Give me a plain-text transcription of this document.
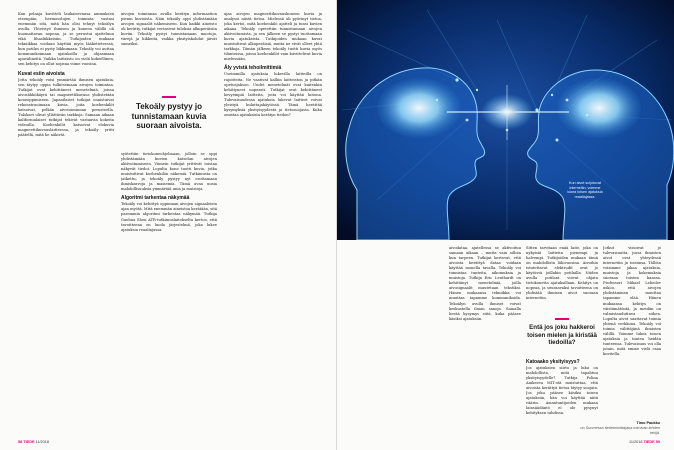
Kun pelaaja kuvitteli laukaisevansa ammuksen eteenpäin, hermosolujen toiminta vastasi enemmän sitä, mitä hän olisi tehnyt tekoälyn avulla. Yhteistyö ihmisen ja koneen välillä oli huomattavan nopeaa, ja se perustui ajatteluun eikä lihasliikkeisiin. Tutkijoiden mukaan tekniikkaa voidaan käyttää myös lääketieteessä, kun potilas ei pysty liikkumaan. Tekoäly voi auttaa kommunikoimaan ajatuksilla ja ohjaamaan apuvälineitä. Vaikka laitteisto on vielä kokeellinen, sen kehitys on ollut nopeaa viime vuosina.

Kuvat esiin aivoista

Jotta tekoäly voisi ymmärtää ihmisen ajatuksia, sen täytyy oppia tulkitsemaan aivojen toimintaa. Tutkijat ovat kehittäneet menetelmiä, joissa aivosähkökäyrä tai magneettikuvaus yhdistetään koneoppimiseen. Japanilaiset tutkijat onnistuivat rekonstruoimaan kuvia, joita koehenkilöt katsoivat, pelkän aivotoiminnan perusteella. Tulokset olivat yllättävän tarkkoja. Samaan aikaan kalifornialaiset tutkijat tekivät vastaavia kokeita videoilla. Koehenkilöt katsoivat elokuvia magneettikuvauslaitteessa, ja tekoäly yritti päätellä, mitä he näkivät.

aivojen toiminnan avulla kerätyn informaation pienin kuvioista. Näin tekoäly oppi yhdistämään aivojen signaalit näkemiseen. Kun kaikki aineisto oli kerätty, tutkijat vertasivat tuloksia alkuperäisiin kuviin. Tekoäly pystyi tunnistamaan muotoja, värejä ja liikkeitä, vaikka yksityiskohdat jäivät sumeiksi.

Tekoäly pystyy jo tunnistamaan kuvia suoraan aivoista.

syötettiin tietokoneohjelmaan, jolloin se oppi yhdistämään kuvien katselun aivojen aktivoitumiseen. Viimein tutkijat yrittivät toistaa näkyvät tiedot. Lopulta kone tuotti kuvia, jotka muistuttivat koehenkilön näkemiä. Tutkimusta on jatkettu, ja tekoäly pystyy nyt erottamaan ihmiskasvoja ja maisemia. Tämä avaa uusia mahdollisuuksia ymmärtää unia ja muistoja.

Algoritmi tarkentaa näkymää

Tekoäly voi kehittyä oppimaan aivojen signaaleista ajan myötä. Mitä enemmän aineistoa kerätään, sitä paremmin algoritmi tarkentaa näkymää. Tutkija Gaohua Shen ATR-tutkimuslaitokselta kertoo, että tavoitteena on luoda järjestelmä, joka lukee ajatuksia reaaliajassa.

ajaa aivojen magneettikuvauskoneen kuvia ja analysoi niistä tietoa. Mielessä oli pyörinyt tietoa, joka kertoi, mitä koehenkilö ajatteli ja tunsi kuvien aikana. Tekoäly opetettiin tunnistamaan aivojen aktivoitumista, ja sen jälkeen se pystyi tuottamaan kuvia ajatuksista. Tutkijoiden mukaan kuvat muistuttivat alkuperäisiä, mutta ne eivät olleet yhtä tarkkoja. Tämän jälkeen tekoäly tuotti kuvia myös tilanteissa, joissa koehenkilöt vain kuvittelivat kuvia mielessään.

Äly yvistä tehoilmittimiä

Useimmilla ajatuksia lukevilla laitteilla on rajoitteita. Ne vaativat kalliin laitteiston ja pitkän opetusjakson. Uudet menetelmät ovat kuitenkin kehittyneet nopeasti. Tutkijat ovat kehittäneet kevyempiä laitteita, joita voi käyttää kotona. Tulevaisuudessa ajatuksia lukevat laitteet voivat yleistyä kuluttajakäytössä. Tämä herättää kysymyksiä yksityisyydestä ja tietosuojasta. Kuka omistaa ajatuksista kerätyn tiedon?

58 TIEDE 11/2018
Kun aivot suljutuvat internetiin, voimme lukea toisen ajatuksia reaaliajassa.

aivodataa, ajatellessa se aktivoituu samaan aikaan – mutta vain silloin kun tarpeen. Tutkijat kertovat, että aivoista kerättyä dataa voidaan käyttää monella tavalla. Tekoäly voi tunnistaa tunteita, aikomuksia ja muistoja. Tutkija Eric Leuthardt on kehittänyt menetelmiä, joilla aivosignaalit muutetaan tekstiksi. Hänen mukaansa tekniikka voi muuttaa tapamme kommunikoida. Tekoälyn avulla ihmiset voivat keskustella ilman sanoja. Samalla herää kysymys siitä, kuka pääsee käsiksi ajatuksiin.

Sitten tarvitaan enää laite, joka on nykyisiä laitteita pienempi ja halvempi. Tutkijoiden mukaan tämä on mahdollista lähivuosina. Aivoihin istutettavat elektrodit ovat jo käytössä joillakin potilailla. Niiden avulla potilaat voivat ohjata tietokonetta ajatuksillaan. Kehitys on nopeaa, ja seuraavaksi tavoitteena on yhdistää ihmisen aivot suoraan internetiin.

Entä jos joku hakkeroi toisen mielen ja kiristää tiedoilla?
Katoaako yksityisyys?

Jos ajatuksien siirto ja luku on mahdollista, mitä tapahtuu yksityisyydelle? Tutkija Polina Anikeeva MIT:stä muistuttaa, että aivoista kerättyä tietoa täytyy suojata. Jos joku pääsee käsiksi toisen ajatuksiin, hän voi käyttää niitä väärin. Asiantuntijoiden mukaan lainsäädäntö ei ole pysynyt kehityksen tahdissa.

Jotkut visioivat jo tulevaisuutta, jossa ihmisten aivot ovat yhteydessä internetiin ja toisiinsa. Tällöin voisimme jakaa ajatuksia, muistoja ja kokemuksia suoraan toisten kanssa. Professori Mikael Lebedev uskoo, että aivojen yhdistäminen muuttaa tapamme elää. Hänen mukaansa kehitys on väistämätöntä, ja meidän on valmistauduttava siihen. Lopulta aivot saattavat toimia yhtenä verkkona. Tekoäly voi toimia välittäjänä ihmisten välillä. Voimme lukea toisen ajatuksia ja tuntea heidän tunteensa. Tulevaisuus voi olla jotain, mitä emme vielä osaa kuvitella.

Timo Paukku
on Suomessa tiedetoimittajana toimivan lehden tekijä.
11/2018 TIEDE 59
